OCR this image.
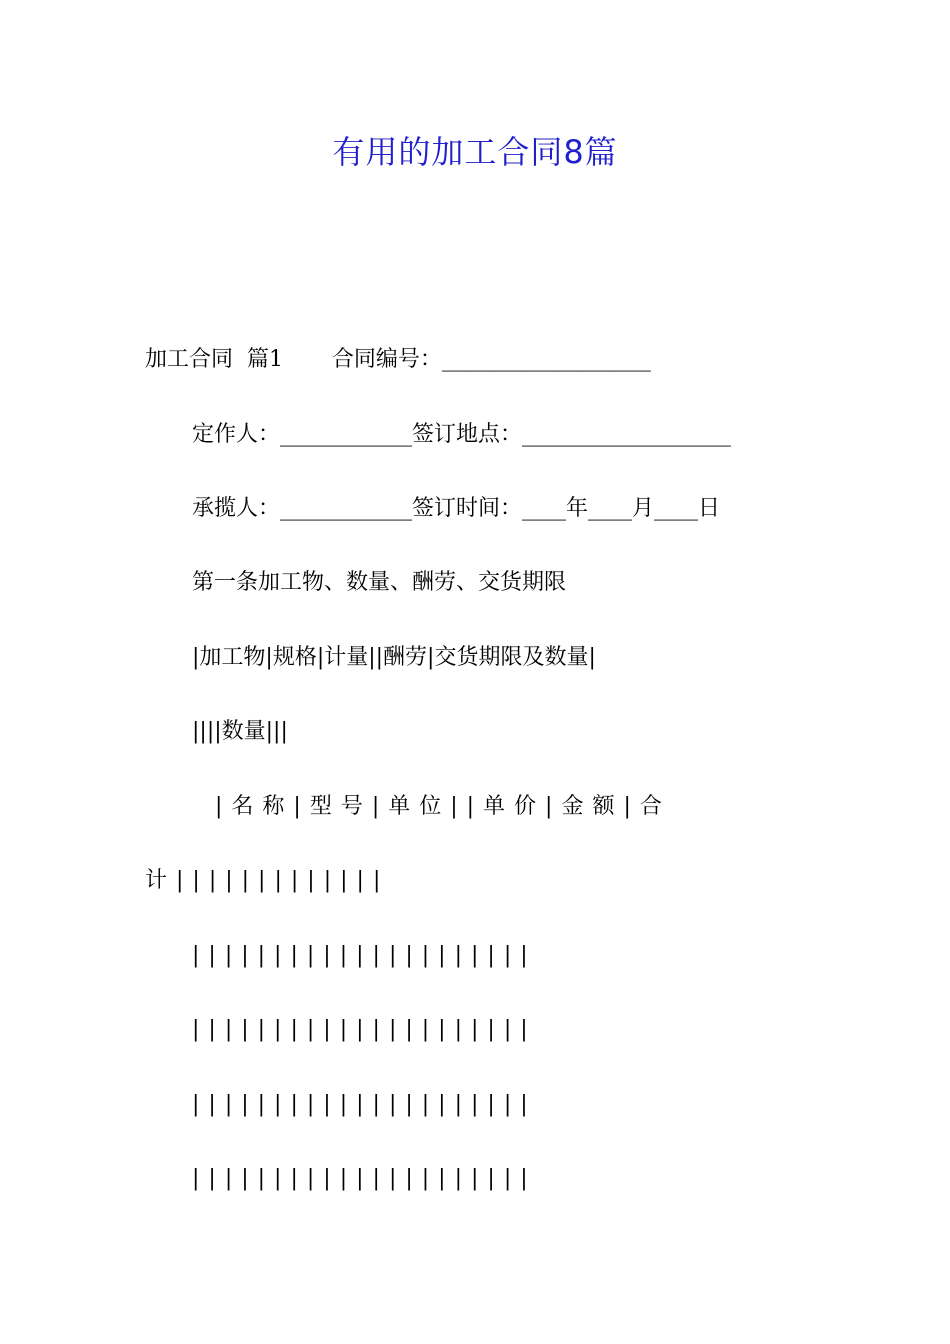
有用的加工合同8篇
加工合同  篇1       合同编号：___________________
定作人：____________签订地点：___________________
承揽人：____________签订时间：____年____月____日
第一条加工物、数量、酬劳、交货期限
|加工物|规格|计量||酬劳|交货期限及数量|
||||数量|||
|名称|型号|单位||单价|金额|合
计|||||||||||||
|||||||||||||||||||||
|||||||||||||||||||||
|||||||||||||||||||||
|||||||||||||||||||||
